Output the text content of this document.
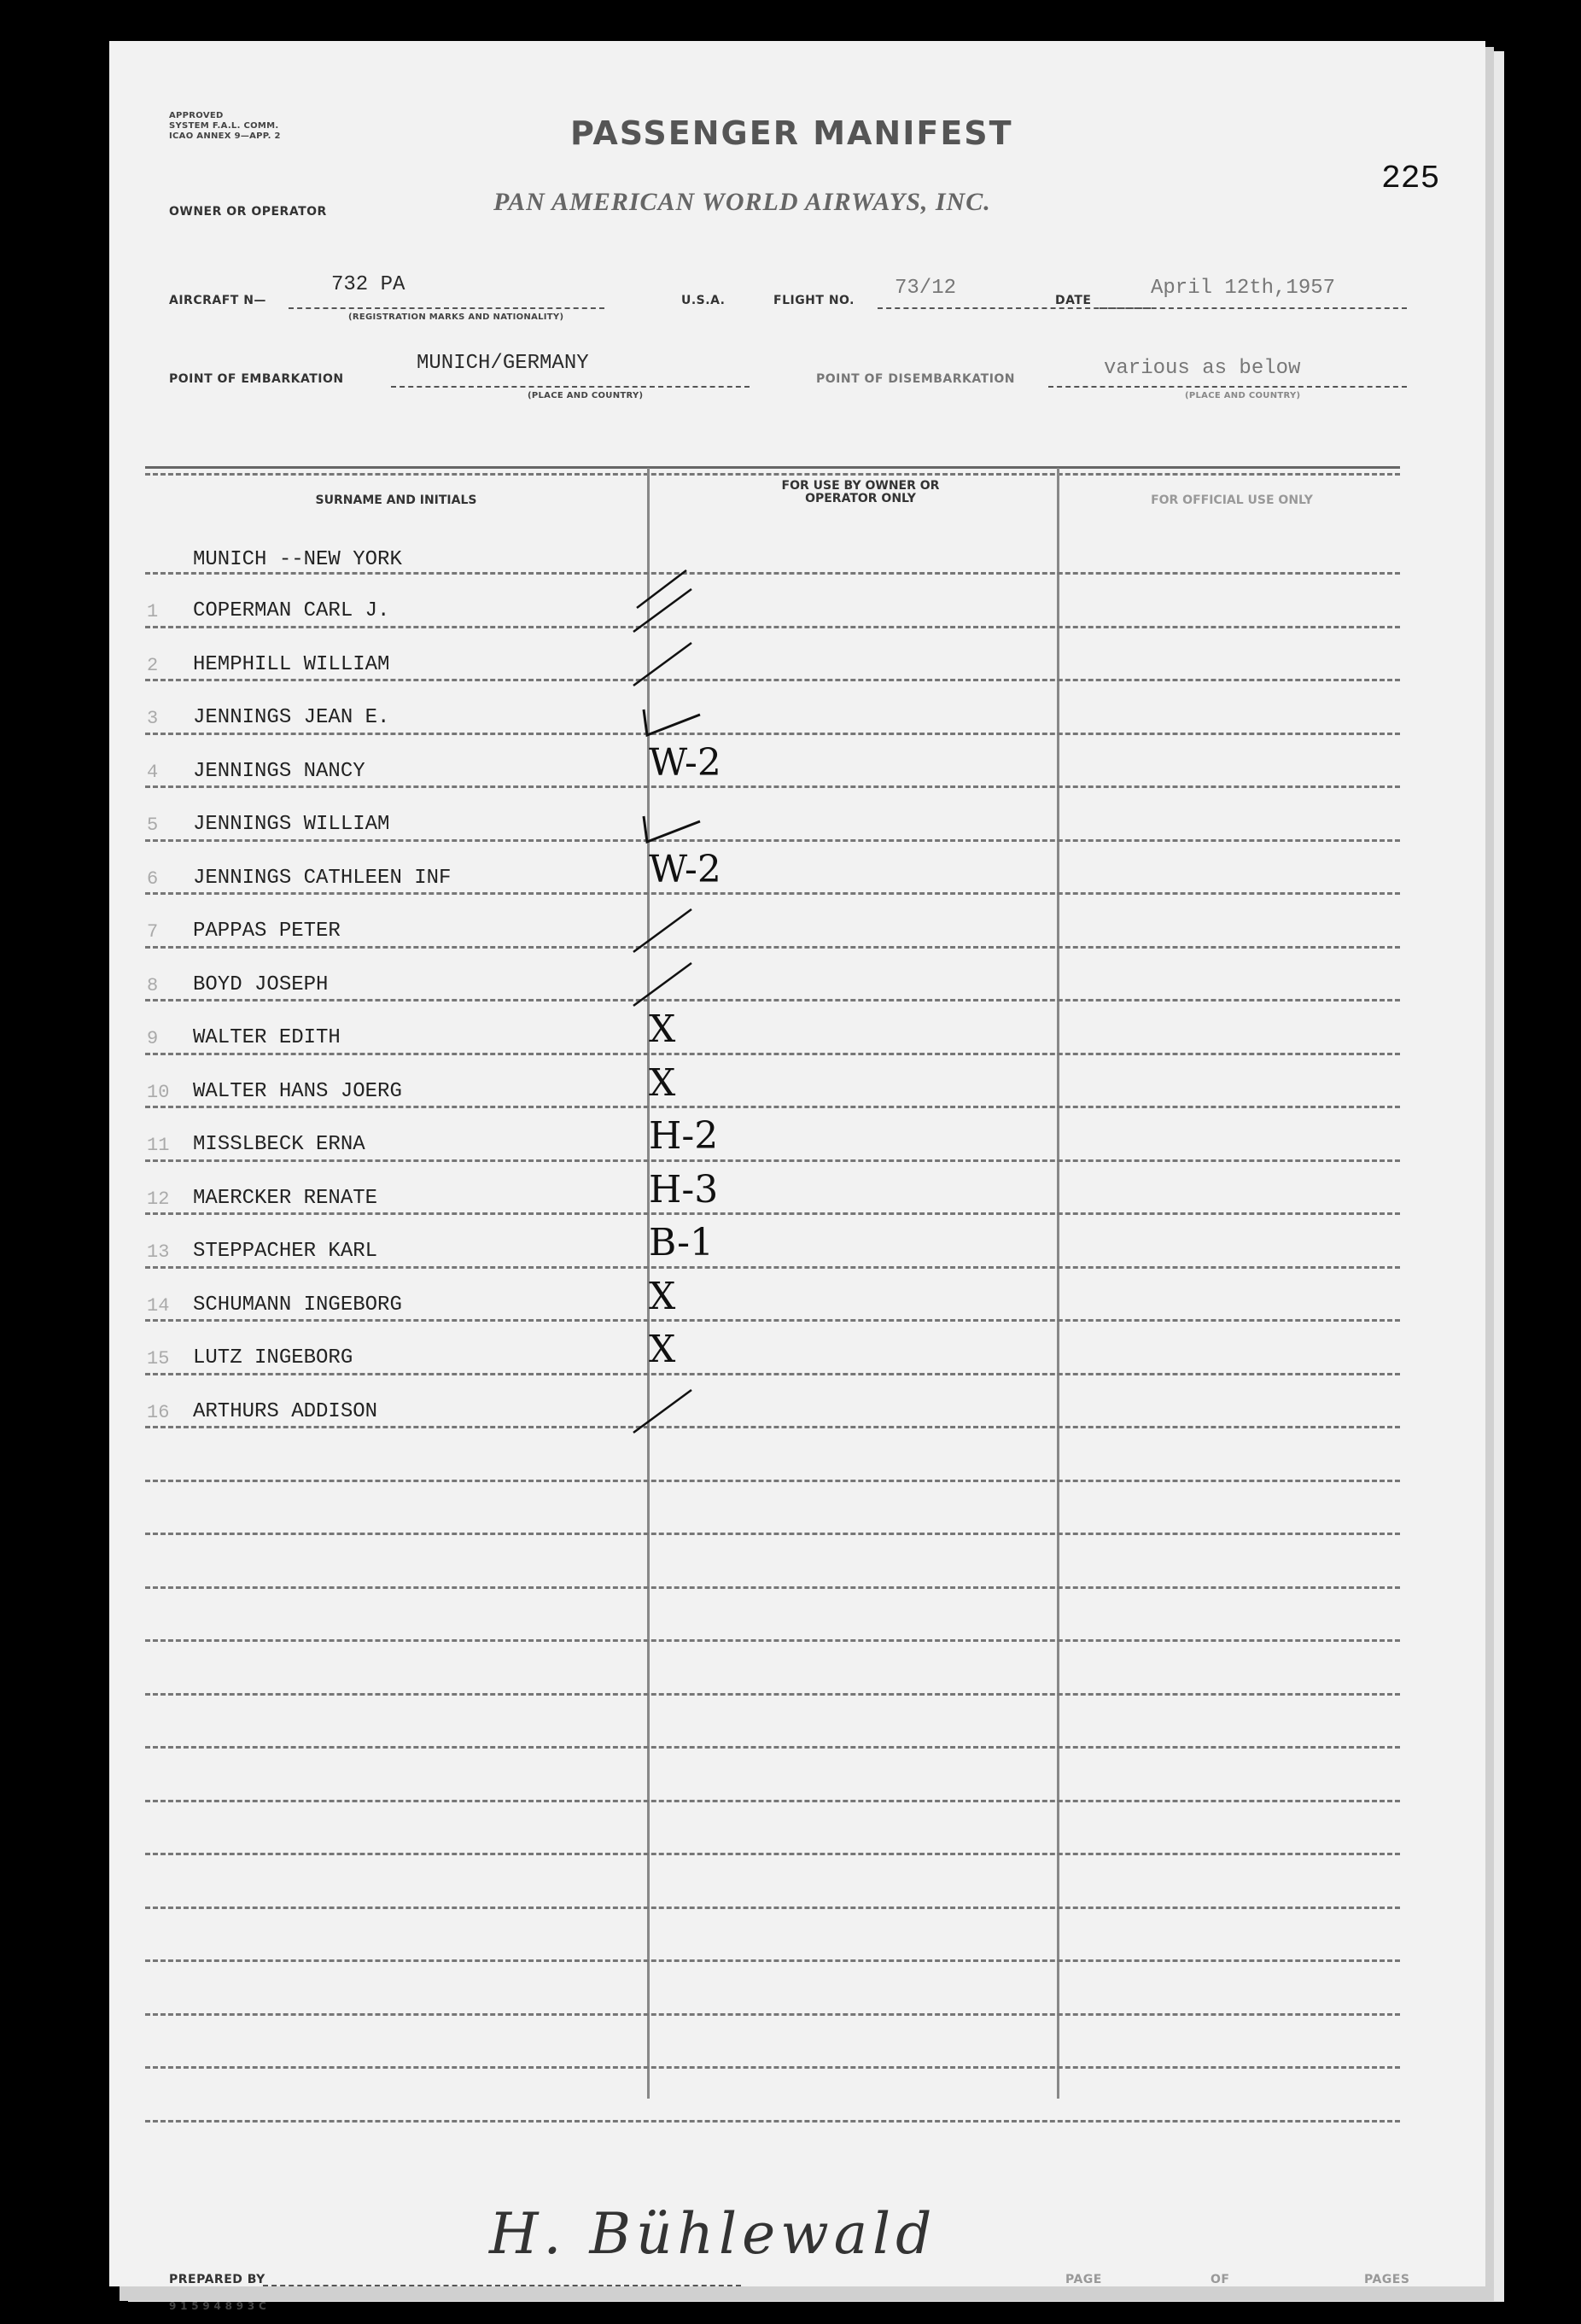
APPROVED
SYSTEM F.A.L. COMM.
ICAO ANNEX 9—APP. 2	PASSENGER MANIFEST
225
OWNER OR OPERATOR	PAN AMERICAN WORLD AIRWAYS, INC.
AIRCRAFT N—
732 PA
(REGISTRATION MARKS AND NATIONALITY)
U.S.A.	FLIGHT NO.
73/12
DATE
April 12th,1957
POINT OF EMBARKATION
MUNICH/GERMANY
(PLACE AND COUNTRY)
POINT OF DISEMBARKATION	various as below
(PLACE AND COUNTRY)
SURNAME AND INITIALS
FOR USE BY OWNER OR OPERATOR ONLY	FOR OFFICIAL USE ONLY
MUNICH --NEW YORK
1 COPERMAN CARL J.
2 HEMPHILL WILLIAM
3 JENNINGS JEAN E.
4 JENNINGS NANCY	W-2
5 JENNINGS WILLIAM
6 JENNINGS CATHLEEN INF	W-2
7 PAPPAS PETER
8 BOYD JOSEPH
9 WALTER EDITH	X
10 WALTER HANS JOERG	X
11 MISSLBECK ERNA	H-2
12 MAERCKER RENATE	H-3
13 STEPPACHER KARL	B-1
14 SCHUMANN INGEBORG	X
15 LUTZ INGEBORG	X
16 ARTHURS ADDISON
PREPARED BY
H. Bühlewald
9 1 5 9 4 8 9 3 C
PAGE	OF	PAGES
